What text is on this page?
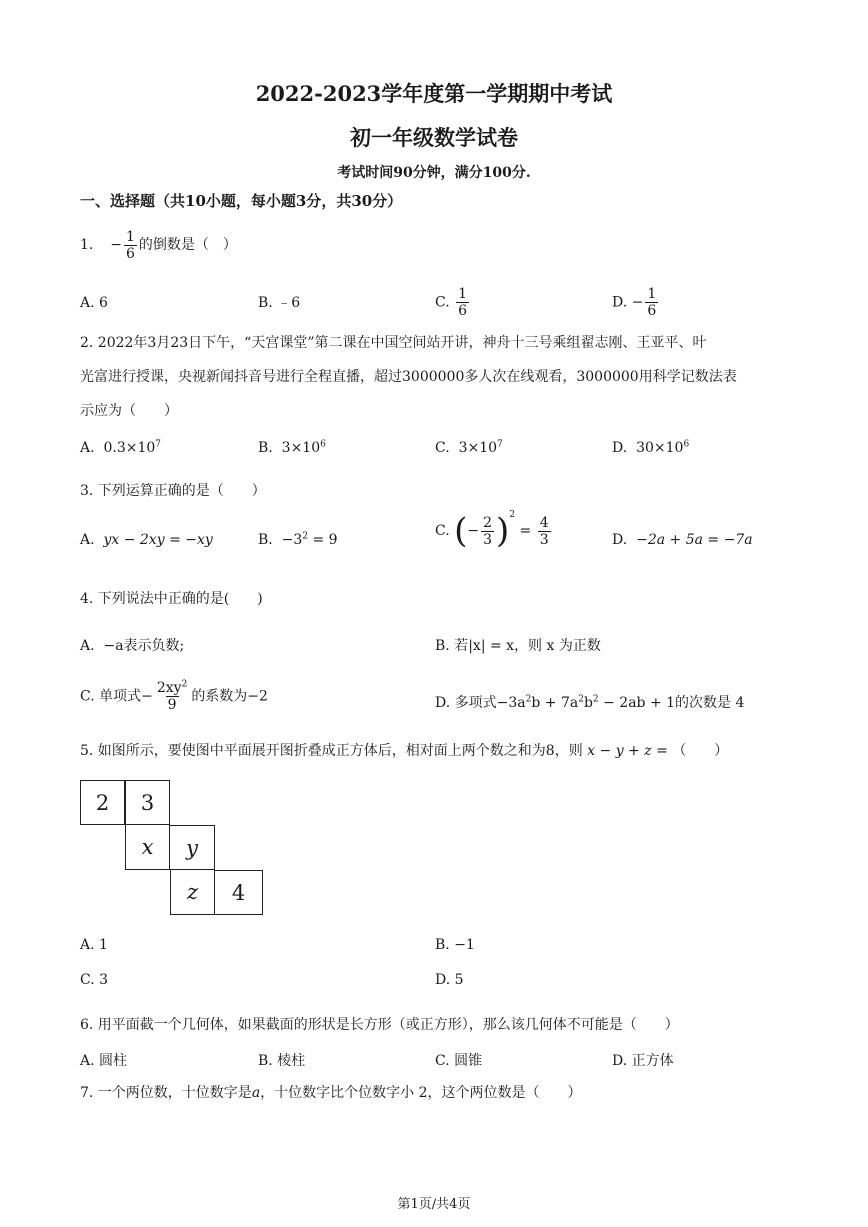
2022-2023学年度第一学期期中考试
初一年级数学试卷
考试时间90分钟，满分100分.
一、选择题（共10小题，每小题3分，共30分）
1. − $\frac{1}{6}$ 的倒数是（　）
A. 6	B. ﹣6	C. $\frac{1}{6}$	D. − $\frac{1}{6}$
2. 2022年3月23日下午，“天宫课堂”第二课在中国空间站开讲，神舟十三号乘组翟志刚、王亚平、叶
光富进行授课，央视新闻抖音号进行全程直播，超过3000000多人次在线观看，3000000用科学记数法表
示应为（　　）
A. $0.3\times 10^7$	B. $3\times 10^6$	C. $3\times 10^7$	D. $30\times 10^6$
3. 下列运算正确的是（　　）
A. yx − 2xy = −xy	B. $-3^2 = 9$
C. (− $\frac{2}{3} )^2 = \frac{4}{3}$	D. −2a + 5a = −7a
4. 下列说法中正确的是(　　)
A. −a表示负数;	B. 若|x| = x，则 x 为正数
C. 单项式− $\frac{2xy^2}{9}$ 的系数为−2	D. 多项式$-3a^2b + 7a^2b^2 - 2ab + 1$的次数是 4
5. 如图所示，要使图中平面展开图折叠成正方体后，相对面上两个数之和为8，则 x − y + z = （　　）
2	3
x	y
z	4
A. 1	B. −1
C. 3	D. 5
6. 用平面截一个几何体，如果截面的形状是长方形（或正方形），那么该几何体不可能是（　　）
A. 圆柱	B. 棱柱	C. 圆锥	D. 正方体
7. 一个两位数，十位数字是a，十位数字比个位数字小 2，这个两位数是（　　）
第1页/共4页
